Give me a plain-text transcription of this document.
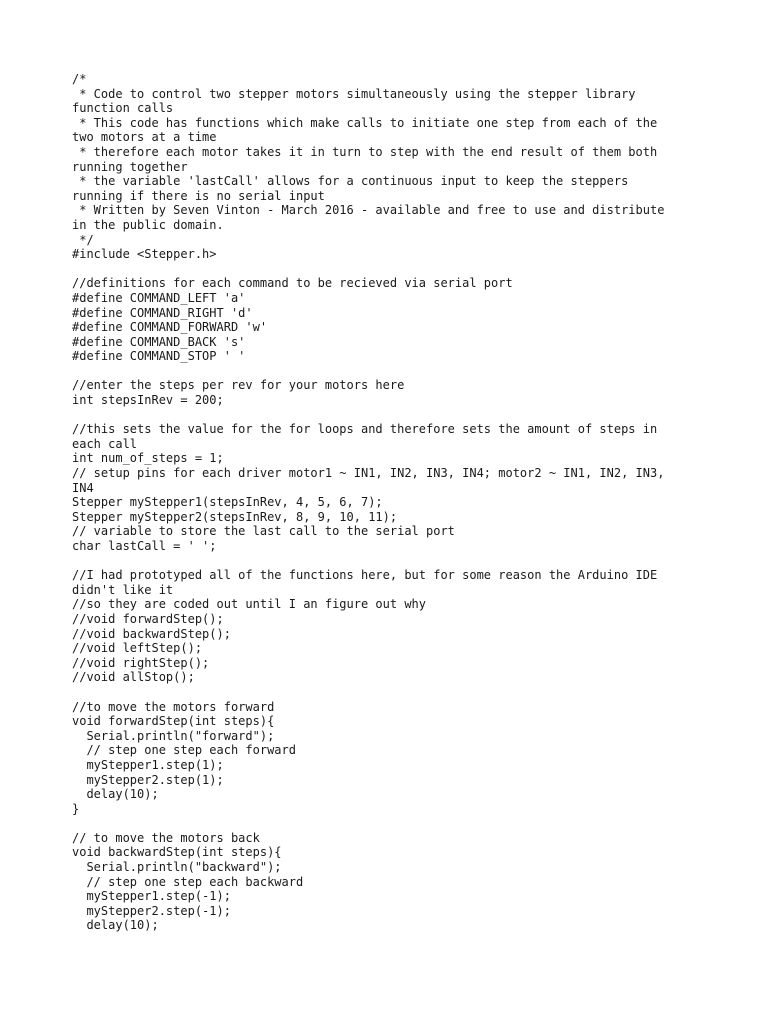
/*
* Code to control two stepper motors simultaneously using the stepper library
function calls
* This code has functions which make calls to initiate one step from each of the
two motors at a time
* therefore each motor takes it in turn to step with the end result of them both
running together
* the variable 'lastCall' allows for a continuous input to keep the steppers
running if there is no serial input
* Written by Seven Vinton - March 2016 - available and free to use and distribute
in the public domain.
*/
#include <Stepper.h>

//definitions for each command to be recieved via serial port
#define COMMAND_LEFT 'a'
#define COMMAND_RIGHT 'd'
#define COMMAND_FORWARD 'w'
#define COMMAND_BACK 's'
#define COMMAND_STOP ' '

//enter the steps per rev for your motors here
int stepsInRev = 200;

//this sets the value for the for loops and therefore sets the amount of steps in
each call
int num_of_steps = 1;
// setup pins for each driver motor1 ~ IN1, IN2, IN3, IN4; motor2 ~ IN1, IN2, IN3,
IN4
Stepper myStepper1(stepsInRev, 4, 5, 6, 7);
Stepper myStepper2(stepsInRev, 8, 9, 10, 11);
// variable to store the last call to the serial port
char lastCall = ' ';

//I had prototyped all of the functions here, but for some reason the Arduino IDE
didn't like it
//so they are coded out until I an figure out why
//void forwardStep();
//void backwardStep();
//void leftStep();
//void rightStep();
//void allStop();

//to move the motors forward
void forwardStep(int steps){
Serial.println("forward");
// step one step each forward
myStepper1.step(1);
myStepper2.step(1);
delay(10);
}

// to move the motors back
void backwardStep(int steps){
Serial.println("backward");
// step one step each backward
myStepper1.step(-1);
myStepper2.step(-1);
delay(10);
